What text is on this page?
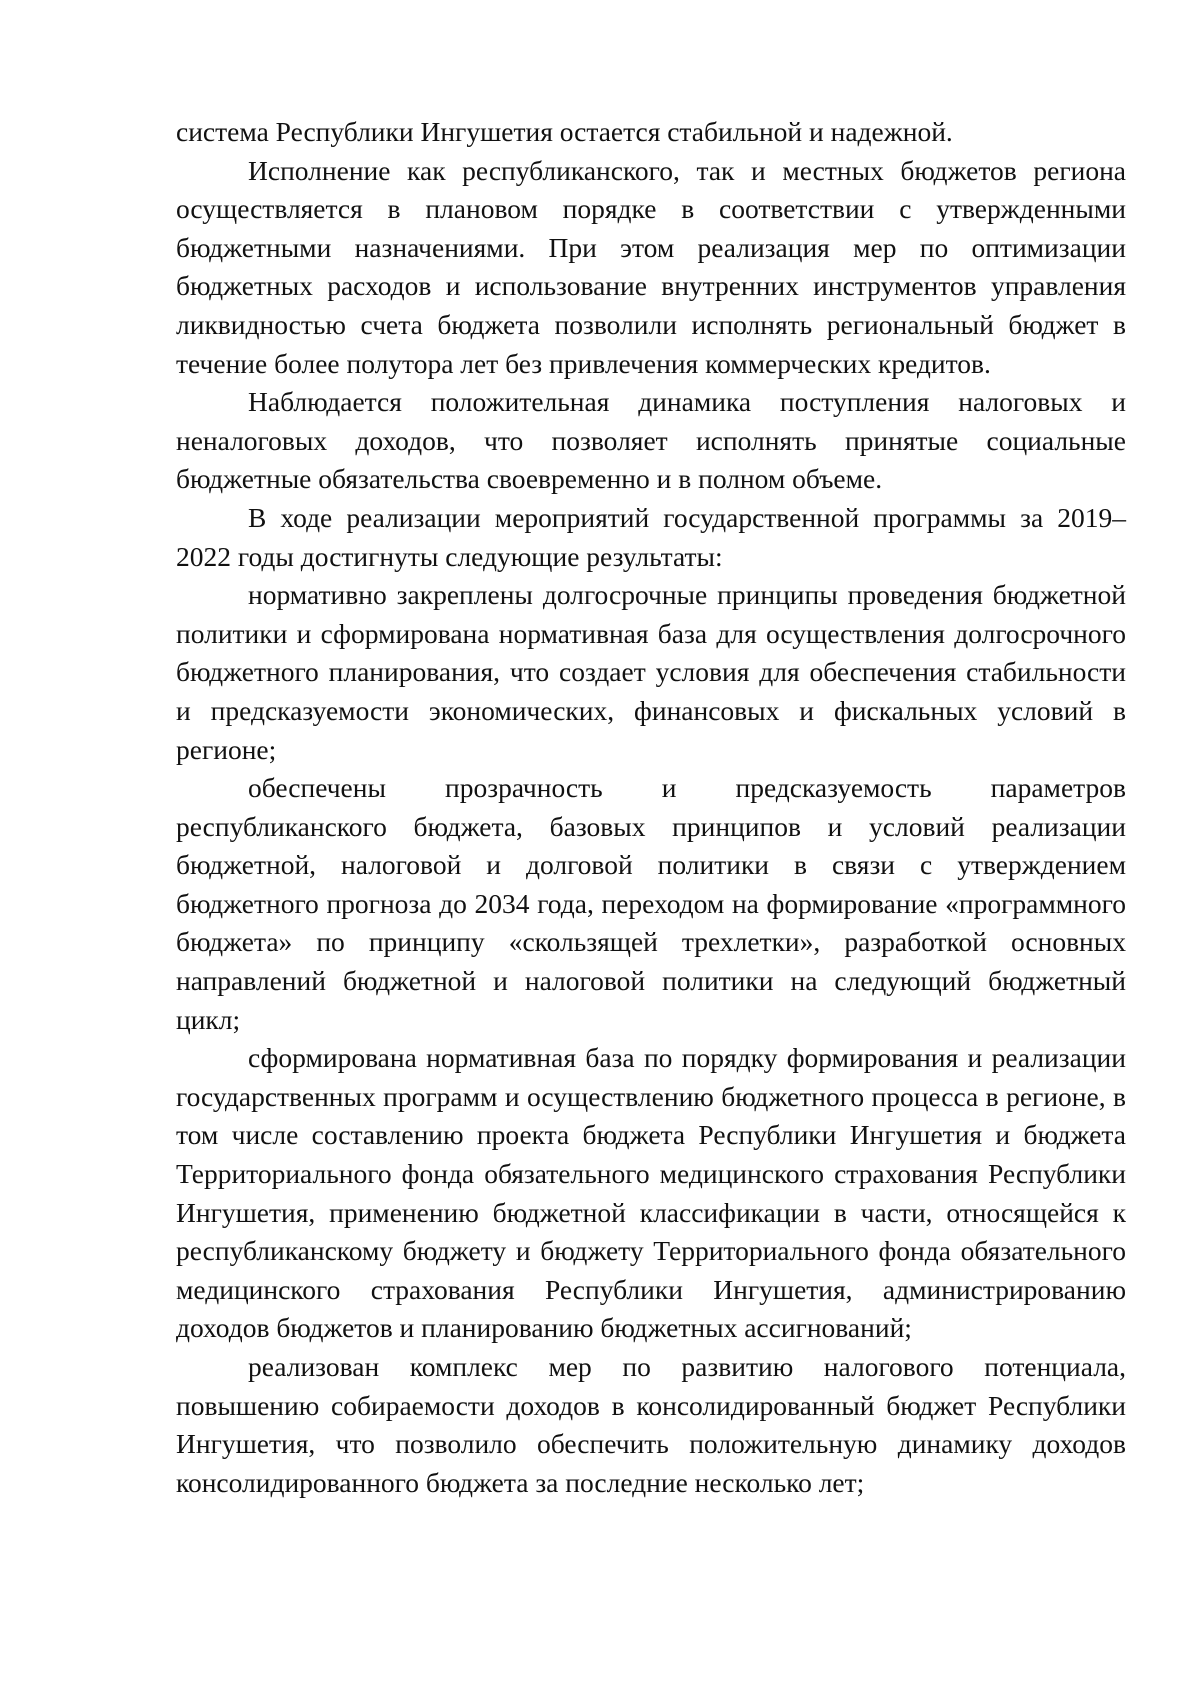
система Республики Ингушетия остается стабильной и надежной.

Исполнение как республиканского, так и местных бюджетов региона осуществляется в плановом порядке в соответствии с утвержденными бюджетными назначениями. При этом реализация мер по оптимизации бюджетных расходов и использование внутренних инструментов управления ликвидностью счета бюджета позволили исполнять региональный бюджет в течение более полутора лет без привлечения коммерческих кредитов.

Наблюдается положительная динамика поступления налоговых и неналоговых доходов, что позволяет исполнять принятые социальные бюджетные обязательства своевременно и в полном объеме.

В ходе реализации мероприятий государственной программы за 2019–2022 годы достигнуты следующие результаты:

нормативно закреплены долгосрочные принципы проведения бюджетной политики и сформирована нормативная база для осуществления долгосрочного бюджетного планирования, что создает условия для обеспечения стабильности и предсказуемости экономических, финансовых и фискальных условий в регионе;

обеспечены прозрачность и предсказуемость параметров республиканского бюджета, базовых принципов и условий реализации бюджетной, налоговой и долговой политики в связи с утверждением бюджетного прогноза до 2034 года, переходом на формирование «программного бюджета» по принципу «скользящей трехлетки», разработкой основных направлений бюджетной и налоговой политики на следующий бюджетный цикл;

сформирована нормативная база по порядку формирования и реализации государственных программ и осуществлению бюджетного процесса в регионе, в том числе составлению проекта бюджета Республики Ингушетия и бюджета Территориального фонда обязательного медицинского страхования Республики Ингушетия, применению бюджетной классификации в части, относящейся к республиканскому бюджету и бюджету Территориального фонда обязательного медицинского страхования Республики Ингушетия, администрированию доходов бюджетов и планированию бюджетных ассигнований;

реализован комплекс мер по развитию налогового потенциала, повышению собираемости доходов в консолидированный бюджет Республики Ингушетия, что позволило обеспечить положительную динамику доходов консолидированного бюджета за последние несколько лет;
